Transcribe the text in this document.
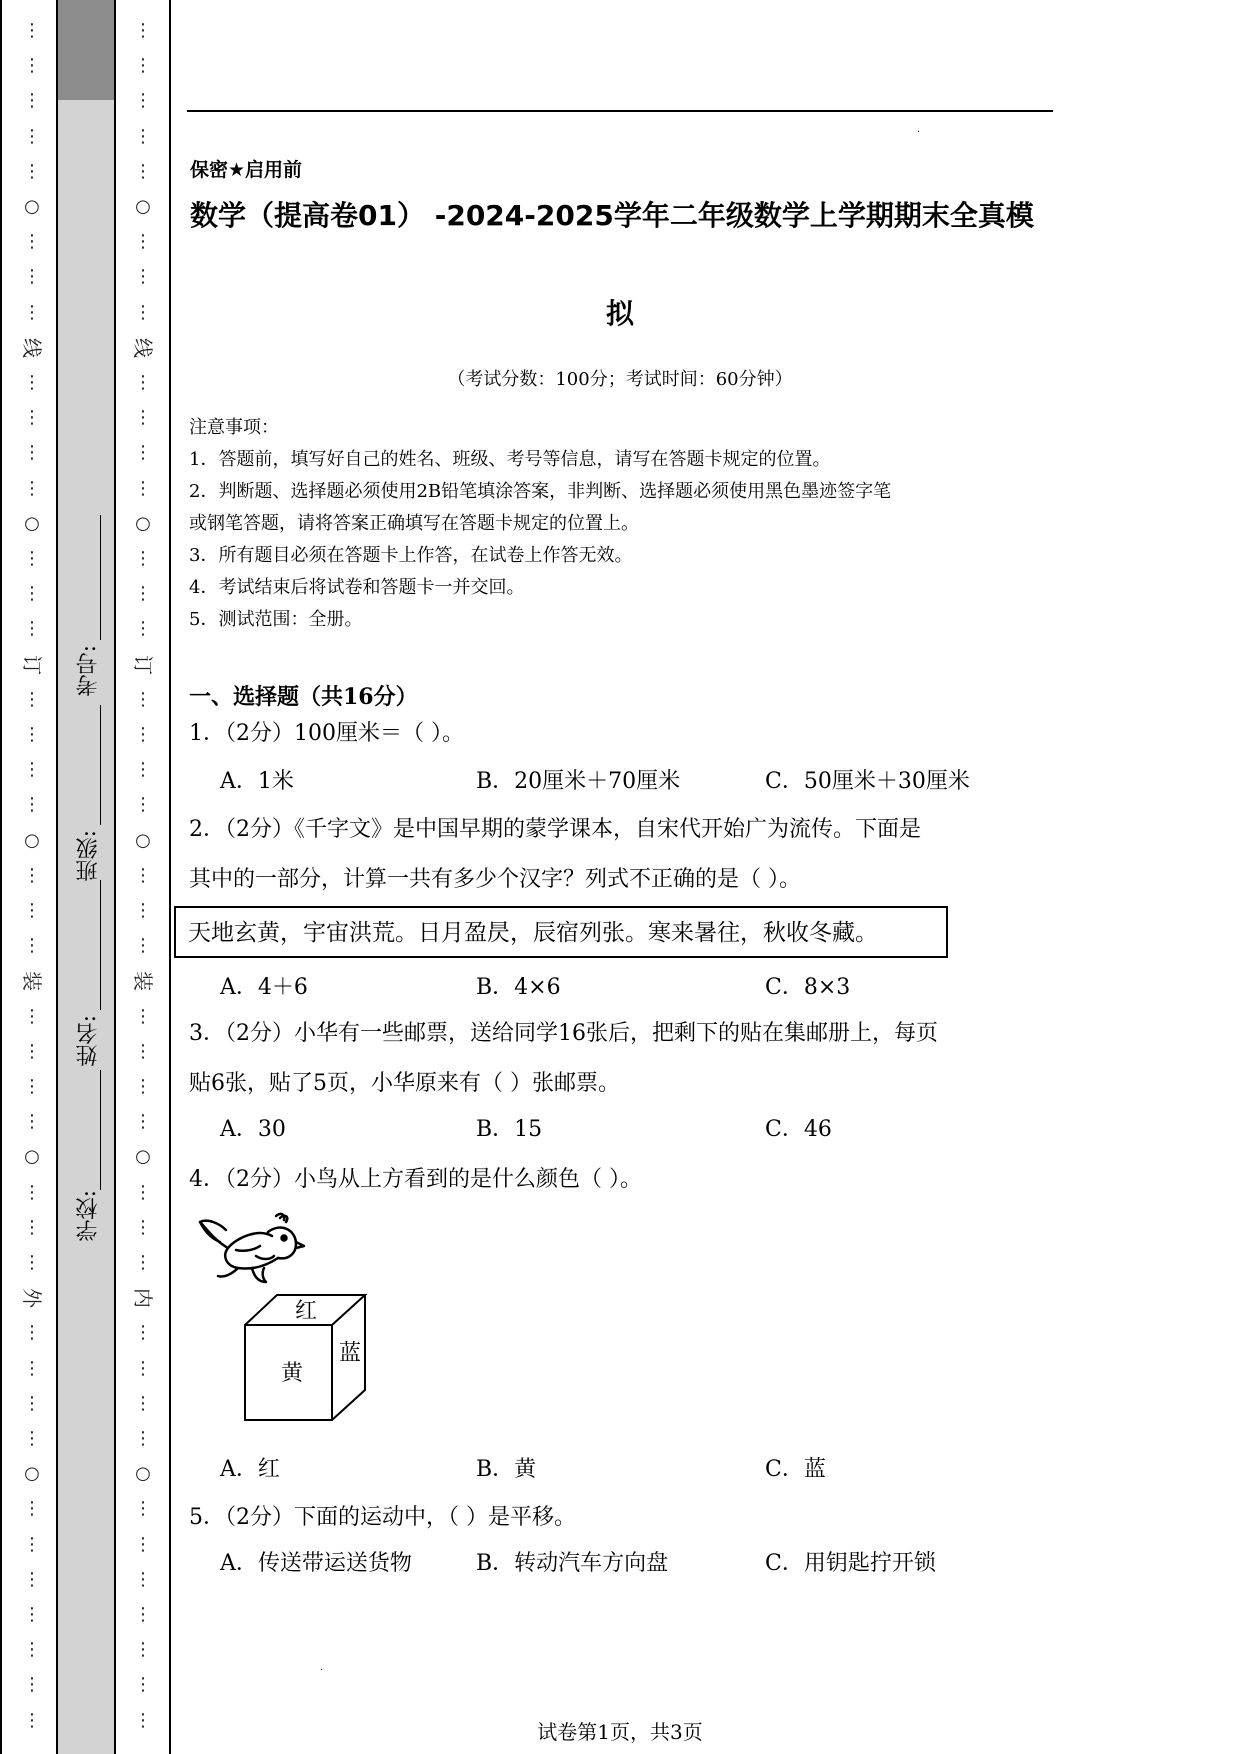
⋮
⋮
⋮
⋮
⋮
○
⋮
⋮
⋮
线
⋮
⋮
⋮
⋮
○
⋮
⋮
⋮
订
⋮
⋮
⋮
⋮
○
⋮
⋮
⋮
装
⋮
⋮
⋮
⋮
○
⋮
⋮
⋮
外
⋮
⋮
⋮
⋮
○
⋮
⋮
⋮
⋮
⋮
⋮
⋮
⋮
⋮
⋮
⋮
⋮
○
⋮
⋮
⋮
线
⋮
⋮
⋮
⋮
○
⋮
⋮
⋮
订
⋮
⋮
⋮
⋮
○
⋮
⋮
⋮
装
⋮
⋮
⋮
⋮
○
⋮
⋮
⋮
内
⋮
⋮
⋮
⋮
○
⋮
⋮
⋮
⋮
⋮
⋮
⋮
学校:
姓名:
班级:
考号:
.
保密★启用前
数学（提高卷01） -2024-2025学年二年级数学上学期期末全真模
拟
（考试分数：100分；考试时间：60分钟）
注意事项：
1．答题前，填写好自己的姓名、班级、考号等信息，请写在答题卡规定的位置。
2．判断题、选择题必须使用2B铅笔填涂答案，非判断、选择题必须使用黑色墨迹签字笔
或钢笔答题，请将答案正确填写在答题卡规定的位置上。
3．所有题目必须在答题卡上作答，在试卷上作答无效。
4．考试结束后将试卷和答题卡一并交回。
5．测试范围：全册。
一、选择题（共16分）
1．（2分）100厘米＝（ ）。
A．1米	B．20厘米＋70厘米	C．50厘米＋30厘米
2．（2分）《千字文》是中国早期的蒙学课本，自宋代开始广为流传。下面是
其中的一部分，计算一共有多少个汉字？列式不正确的是（ ）。
天地玄黄，宇宙洪荒。日月盈昃，辰宿列张。寒来暑往，秋收冬藏。
A．4＋6	B．4×6	C．8×3
3．（2分）小华有一些邮票，送给同学16张后，把剩下的贴在集邮册上，每页
贴6张，贴了5页，小华原来有（ ）张邮票。
A．30	B．15	C．46
4．（2分）小鸟从上方看到的是什么颜色（ ）。
红
黄
蓝
A．红	B．黄	C．蓝
5．（2分）下面的运动中，（ ）是平移。
A．传送带运送货物	B．转动汽车方向盘	C．用钥匙拧开锁
.
试卷第1页，共3页
